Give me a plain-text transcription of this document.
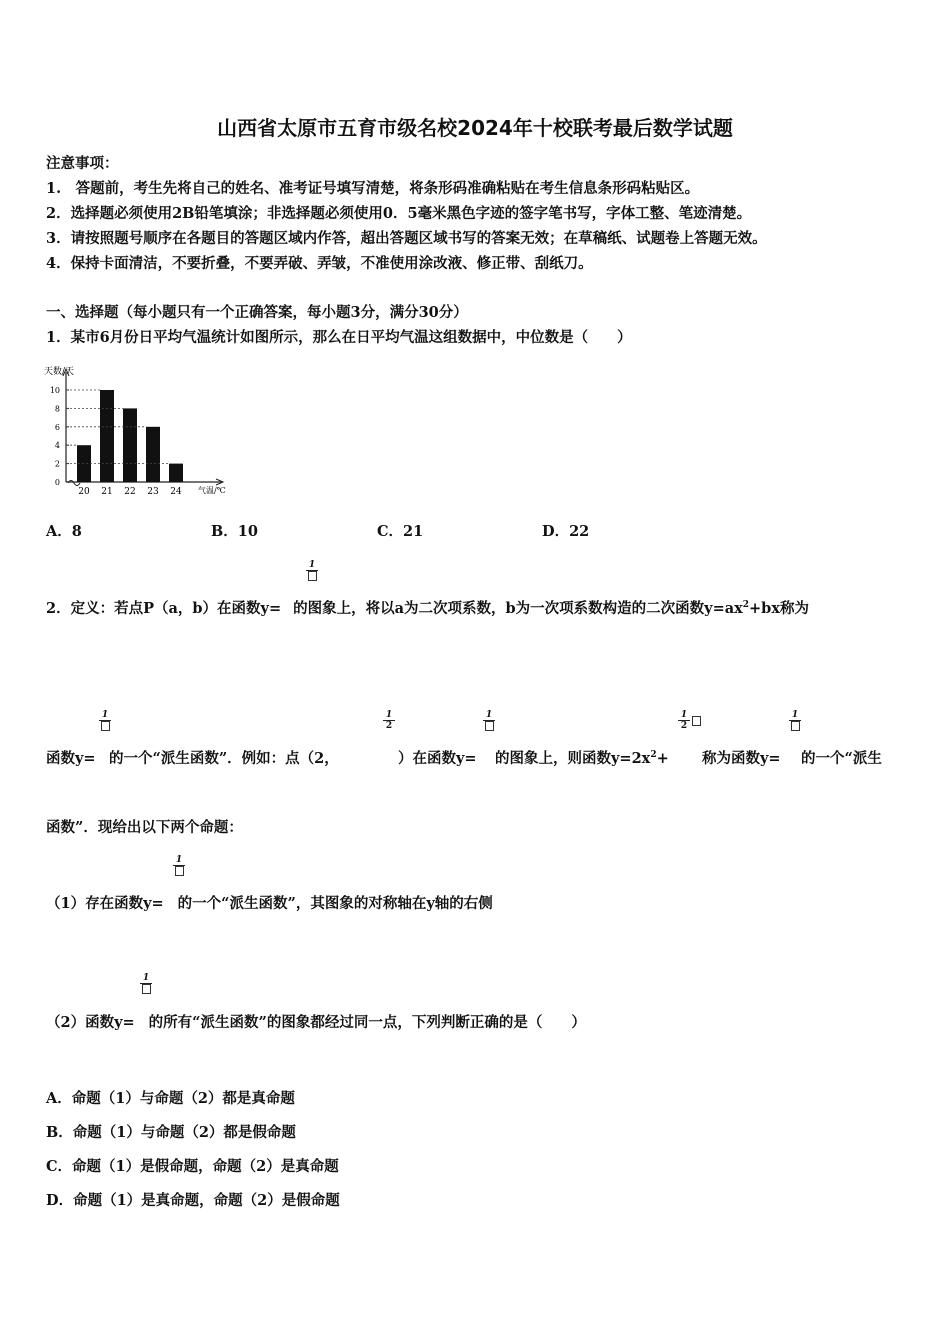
山西省太原市五育市级名校2024年十校联考最后数学试题
注意事项：
1.　答题前，考生先将自己的姓名、准考证号填写清楚，将条形码准确粘贴在考生信息条形码粘贴区。
2．选择题必须使用2B铅笔填涂；非选择题必须使用0．5毫米黑色字迹的签字笔书写，字体工整、笔迹清楚。
3．请按照题号顺序在各题目的答题区域内作答，超出答题区域书写的答案无效；在草稿纸、试题卷上答题无效。
4．保持卡面清洁，不要折叠，不要弄破、弄皱，不准使用涂改液、修正带、刮纸刀。
一、选择题（每小题只有一个正确答案，每小题3分，满分30分）
1．某市6月份日平均气温统计如图所示，那么在日平均气温这组数据中，中位数是（　　）
天数/天
气温/℃
0
2
4
6
8
10
20 21 22 23 24
A．8	B．10	C．21	D．22
1
2．定义：若点P（a，b）在函数y= 的图象上，将以a为二次项系数，b为一次项系数构造的二次函数$y=ax^2+bx$称为
1	$\frac{1}{2}$	1	$\frac{1}{2}$	1
函数y= 的一个“派生函数”．例如：点（2，	）在函数y= 的图象上，则函数$y=2x^2+$ 称为函数y= 的一个“派生
函数”．现给出以下两个命题：
1
（1）存在函数y= 的一个“派生函数”，其图象的对称轴在y轴的右侧
1
（2）函数y= 的所有“派生函数”的图象都经过同一点，下列判断正确的是（　　）
A．命题（1）与命题（2）都是真命题
B．命题（1）与命题（2）都是假命题
C．命题（1）是假命题，命题（2）是真命题
D．命题（1）是真命题，命题（2）是假命题
